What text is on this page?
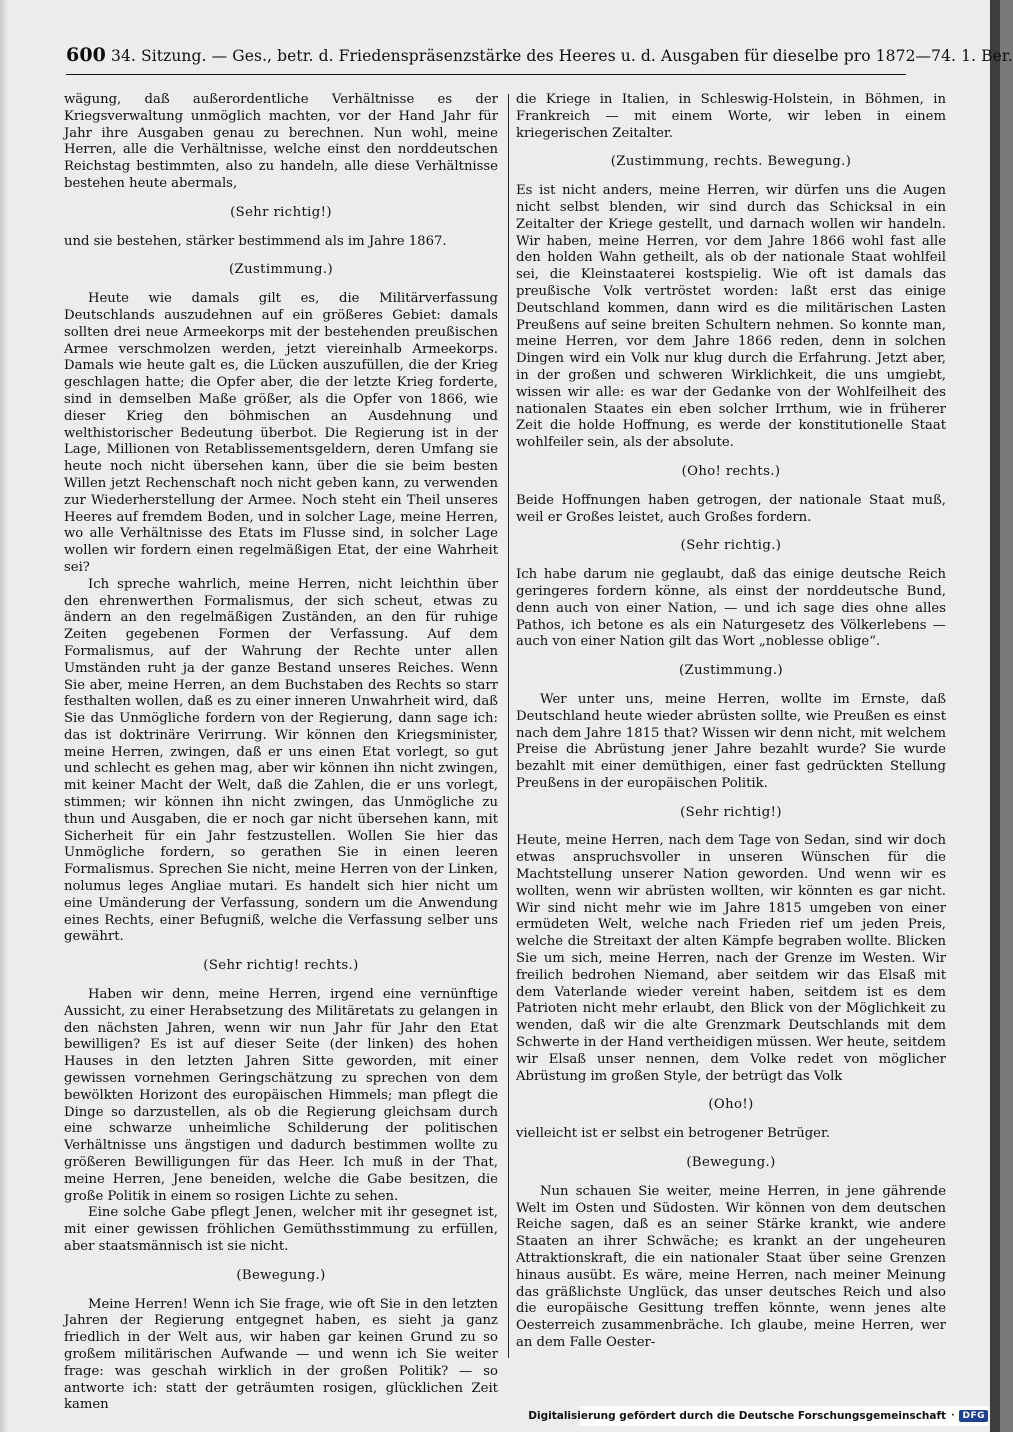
600 34. Sitzung. — Ges., betr. d. Friedenspräsenzstärke des Heeres u. d. Ausgaben für dieselbe pro 1872—74. 1. Ber.

wägung, daß außerordentliche Verhältnisse es der Kriegsverwaltung unmöglich machten, vor der Hand Jahr für Jahr ihre Ausgaben genau zu berechnen. Nun wohl, meine Herren, alle die Verhältnisse, welche einst den norddeutschen Reichstag bestimmten, also zu handeln, alle diese Verhältnisse bestehen heute abermals,

(Sehr richtig!)

und sie bestehen, stärker bestimmend als im Jahre 1867.

(Zustimmung.)

Heute wie damals gilt es, die Militärverfassung Deutschlands auszudehnen auf ein größeres Gebiet: damals sollten drei neue Armeekorps mit der bestehenden preußischen Armee verschmolzen werden, jetzt viereinhalb Armeekorps. Damals wie heute galt es, die Lücken auszufüllen, die der Krieg geschlagen hatte; die Opfer aber, die der letzte Krieg forderte, sind in demselben Maße größer, als die Opfer von 1866, wie dieser Krieg den böhmischen an Ausdehnung und welthistorischer Bedeutung überbot. Die Regierung ist in der Lage, Millionen von Retablissementsgeldern, deren Umfang sie heute noch nicht übersehen kann, über die sie beim besten Willen jetzt Rechenschaft noch nicht geben kann, zu verwenden zur Wiederherstellung der Armee. Noch steht ein Theil unseres Heeres auf fremdem Boden, und in solcher Lage, meine Herren, wo alle Verhältnisse des Etats im Flusse sind, in solcher Lage wollen wir fordern einen regelmäßigen Etat, der eine Wahrheit sei?

Ich spreche wahrlich, meine Herren, nicht leichthin über den ehrenwerthen Formalismus, der sich scheut, etwas zu ändern an den regelmäßigen Zuständen, an den für ruhige Zeiten gegebenen Formen der Verfassung. Auf dem Formalismus, auf der Wahrung der Rechte unter allen Umständen ruht ja der ganze Bestand unseres Reiches. Wenn Sie aber, meine Herren, an dem Buchstaben des Rechts so starr festhalten wollen, daß es zu einer inneren Unwahrheit wird, daß Sie das Unmögliche fordern von der Regierung, dann sage ich: das ist doktrinäre Verirrung. Wir können den Kriegsminister, meine Herren, zwingen, daß er uns einen Etat vorlegt, so gut und schlecht es gehen mag, aber wir können ihn nicht zwingen, mit keiner Macht der Welt, daß die Zahlen, die er uns vorlegt, stimmen; wir können ihn nicht zwingen, das Unmögliche zu thun und Ausgaben, die er noch gar nicht übersehen kann, mit Sicherheit für ein Jahr festzustellen. Wollen Sie hier das Unmögliche fordern, so gerathen Sie in einen leeren Formalismus. Sprechen Sie nicht, meine Herren von der Linken, nolumus leges Angliae mutari. Es handelt sich hier nicht um eine Umänderung der Verfassung, sondern um die Anwendung eines Rechts, einer Befugniß, welche die Verfassung selber uns gewährt.

(Sehr richtig! rechts.)

Haben wir denn, meine Herren, irgend eine vernünftige Aussicht, zu einer Herabsetzung des Militäretats zu gelangen in den nächsten Jahren, wenn wir nun Jahr für Jahr den Etat bewilligen? Es ist auf dieser Seite (der linken) des hohen Hauses in den letzten Jahren Sitte geworden, mit einer gewissen vornehmen Geringschätzung zu sprechen von dem bewölkten Horizont des europäischen Himmels; man pflegt die Dinge so darzustellen, als ob die Regierung gleichsam durch eine schwarze unheimliche Schilderung der politischen Verhältnisse uns ängstigen und dadurch bestimmen wollte zu größeren Bewilligungen für das Heer. Ich muß in der That, meine Herren, Jene beneiden, welche die Gabe besitzen, die große Politik in einem so rosigen Lichte zu sehen.

Eine solche Gabe pflegt Jenen, welcher mit ihr gesegnet ist, mit einer gewissen fröhlichen Gemüthsstimmung zu erfüllen, aber staatsmännisch ist sie nicht.

(Bewegung.)

Meine Herren! Wenn ich Sie frage, wie oft Sie in den letzten Jahren der Regierung entgegnet haben, es sieht ja ganz friedlich in der Welt aus, wir haben gar keinen Grund zu so großem militärischen Aufwande — und wenn ich Sie weiter frage: was geschah wirklich in der großen Politik? — so antworte ich: statt der geträumten rosigen, glücklichen Zeit kamen

die Kriege in Italien, in Schleswig-Holstein, in Böhmen, in Frankreich — mit einem Worte, wir leben in einem kriegerischen Zeitalter.

(Zustimmung, rechts. Bewegung.)

Es ist nicht anders, meine Herren, wir dürfen uns die Augen nicht selbst blenden, wir sind durch das Schicksal in ein Zeitalter der Kriege gestellt, und darnach wollen wir handeln. Wir haben, meine Herren, vor dem Jahre 1866 wohl fast alle den holden Wahn getheilt, als ob der nationale Staat wohlfeil sei, die Kleinstaaterei kostspielig. Wie oft ist damals das preußische Volk vertröstet worden: laßt erst das einige Deutschland kommen, dann wird es die militärischen Lasten Preußens auf seine breiten Schultern nehmen. So konnte man, meine Herren, vor dem Jahre 1866 reden, denn in solchen Dingen wird ein Volk nur klug durch die Erfahrung. Jetzt aber, in der großen und schweren Wirklichkeit, die uns umgiebt, wissen wir alle: es war der Gedanke von der Wohlfeilheit des nationalen Staates ein eben solcher Irrthum, wie in früherer Zeit die holde Hoffnung, es werde der konstitutionelle Staat wohlfeiler sein, als der absolute.

(Oho! rechts.)

Beide Hoffnungen haben getrogen, der nationale Staat muß, weil er Großes leistet, auch Großes fordern.

(Sehr richtig.)

Ich habe darum nie geglaubt, daß das einige deutsche Reich geringeres fordern könne, als einst der norddeutsche Bund, denn auch von einer Nation, — und ich sage dies ohne alles Pathos, ich betone es als ein Naturgesetz des Völkerlebens — auch von einer Nation gilt das Wort „noblesse oblige“.

(Zustimmung.)

Wer unter uns, meine Herren, wollte im Ernste, daß Deutschland heute wieder abrüsten sollte, wie Preußen es einst nach dem Jahre 1815 that? Wissen wir denn nicht, mit welchem Preise die Abrüstung jener Jahre bezahlt wurde? Sie wurde bezahlt mit einer demüthigen, einer fast gedrückten Stellung Preußens in der europäischen Politik.

(Sehr richtig!)

Heute, meine Herren, nach dem Tage von Sedan, sind wir doch etwas anspruchsvoller in unseren Wünschen für die Machtstellung unserer Nation geworden. Und wenn wir es wollten, wenn wir abrüsten wollten, wir könnten es gar nicht. Wir sind nicht mehr wie im Jahre 1815 umgeben von einer ermüdeten Welt, welche nach Frieden rief um jeden Preis, welche die Streitaxt der alten Kämpfe begraben wollte. Blicken Sie um sich, meine Herren, nach der Grenze im Westen. Wir freilich bedrohen Niemand, aber seitdem wir das Elsaß mit dem Vaterlande wieder vereint haben, seitdem ist es dem Patrioten nicht mehr erlaubt, den Blick von der Möglichkeit zu wenden, daß wir die alte Grenzmark Deutschlands mit dem Schwerte in der Hand vertheidigen müssen. Wer heute, seitdem wir Elsaß unser nennen, dem Volke redet von möglicher Abrüstung im großen Style, der betrügt das Volk

(Oho!)

vielleicht ist er selbst ein betrogener Betrüger.

(Bewegung.)

Nun schauen Sie weiter, meine Herren, in jene gährende Welt im Osten und Südosten. Wir können von dem deutschen Reiche sagen, daß es an seiner Stärke krankt, wie andere Staaten an ihrer Schwäche; es krankt an der ungeheuren Attraktionskraft, die ein nationaler Staat über seine Grenzen hinaus ausübt. Es wäre, meine Herren, nach meiner Meinung das gräßlichste Unglück, das unser deutsches Reich und also die europäische Gesittung treffen könnte, wenn jenes alte Oesterreich zusammenbräche. Ich glaube, meine Herren, wer an dem Falle Oester-

Digitalisierung gefördert durch die Deutsche Forschungsgemeinschaft · DFG
